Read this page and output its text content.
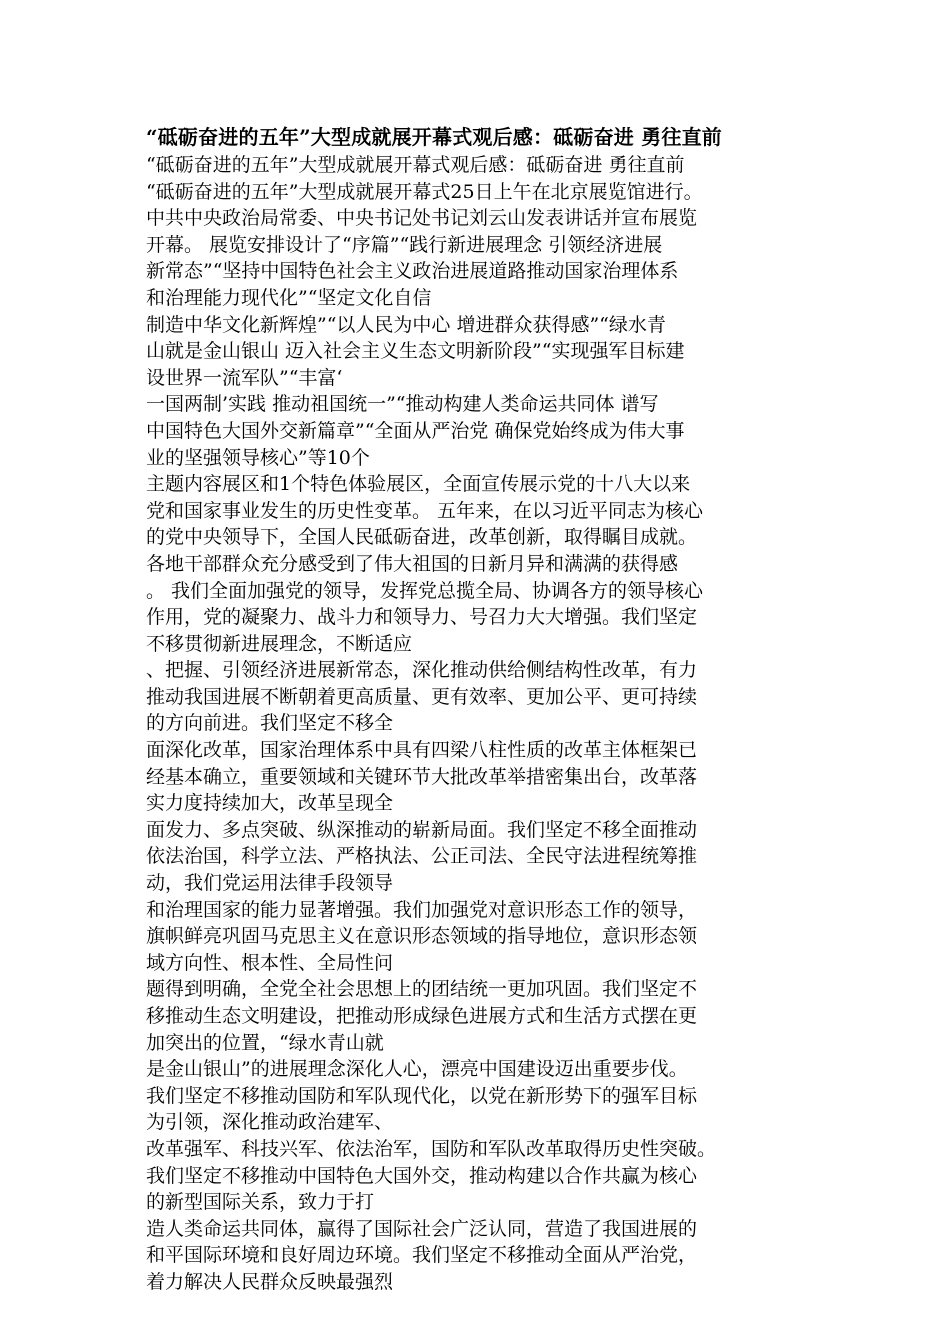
“砥砺奋进的五年”大型成就展开幕式观后感：砥砺奋进 勇往直前
“砥砺奋进的五年”大型成就展开幕式观后感：砥砺奋进 勇往直前
“砥砺奋进的五年”大型成就展开幕式25日上午在北京展览馆进行。
中共中央政治局常委、中央书记处书记刘云山发表讲话并宣布展览
开幕。 展览安排设计了“序篇”“践行新进展理念 引领经济进展
新常态”“坚持中国特色社会主义政治进展道路推动国家治理体系
和治理能力现代化”“坚定文化自信
制造中华文化新辉煌”“以人民为中心 增进群众获得感”“绿水青
山就是金山银山 迈入社会主义生态文明新阶段”“实现强军目标建
设世界一流军队”“丰富‘
一国两制’实践 推动祖国统一”“推动构建人类命运共同体 谱写
中国特色大国外交新篇章”“全面从严治党 确保党始终成为伟大事
业的坚强领导核心”等10个
主题内容展区和1个特色体验展区，全面宣传展示党的十八大以来
党和国家事业发生的历史性变革。 五年来，在以习近平同志为核心
的党中央领导下，全国人民砥砺奋进，改革创新，取得瞩目成就。
各地干部群众充分感受到了伟大祖国的日新月异和满满的获得感
。 我们全面加强党的领导，发挥党总揽全局、协调各方的领导核心
作用，党的凝聚力、战斗力和领导力、号召力大大增强。我们坚定
不移贯彻新进展理念，不断适应
、把握、引领经济进展新常态，深化推动供给侧结构性改革，有力
推动我国进展不断朝着更高质量、更有效率、更加公平、更可持续
的方向前进。我们坚定不移全
面深化改革，国家治理体系中具有四梁八柱性质的改革主体框架已
经基本确立，重要领域和关键环节大批改革举措密集出台，改革落
实力度持续加大，改革呈现全
面发力、多点突破、纵深推动的崭新局面。我们坚定不移全面推动
依法治国，科学立法、严格执法、公正司法、全民守法进程统筹推
动，我们党运用法律手段领导
和治理国家的能力显著增强。我们加强党对意识形态工作的领导，
旗帜鲜亮巩固马克思主义在意识形态领域的指导地位，意识形态领
域方向性、根本性、全局性问
题得到明确，全党全社会思想上的团结统一更加巩固。我们坚定不
移推动生态文明建设，把推动形成绿色进展方式和生活方式摆在更
加突出的位置，“绿水青山就
是金山银山”的进展理念深化人心，漂亮中国建设迈出重要步伐。
我们坚定不移推动国防和军队现代化，以党在新形势下的强军目标
为引领，深化推动政治建军、
改革强军、科技兴军、依法治军，国防和军队改革取得历史性突破。
我们坚定不移推动中国特色大国外交，推动构建以合作共赢为核心
的新型国际关系，致力于打
造人类命运共同体，赢得了国际社会广泛认同，营造了我国进展的
和平国际环境和良好周边环境。我们坚定不移推动全面从严治党，
着力解决人民群众反映最强烈
